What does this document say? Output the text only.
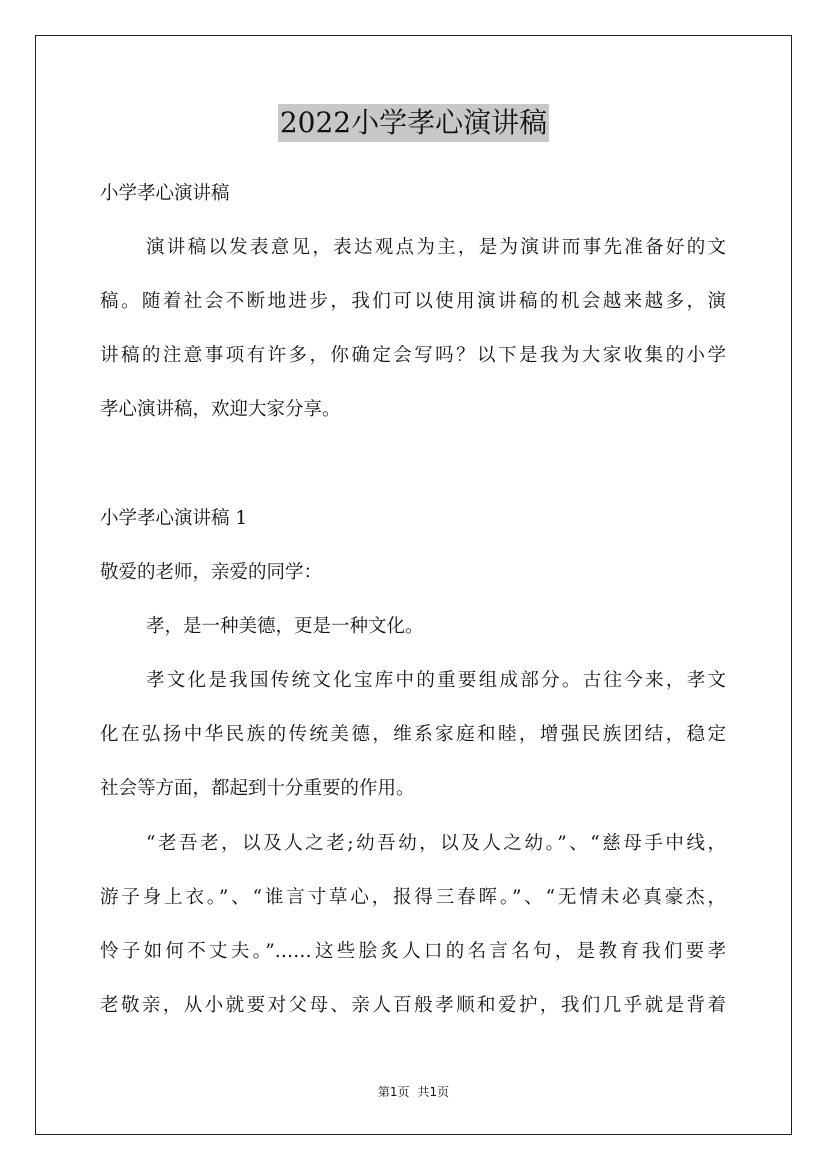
2022小学孝心演讲稿
小学孝心演讲稿
演讲稿以发表意见，表达观点为主，是为演讲而事先准备好的文
稿。随着社会不断地进步，我们可以使用演讲稿的机会越来越多，演
讲稿的注意事项有许多，你确定会写吗？以下是我为大家收集的小学
孝心演讲稿，欢迎大家分享。
小学孝心演讲稿 1
敬爱的老师，亲爱的同学：
孝，是一种美德，更是一种文化。
孝文化是我国传统文化宝库中的重要组成部分。古往今来，孝文
化在弘扬中华民族的传统美德，维系家庭和睦，增强民族团结，稳定
社会等方面，都起到十分重要的作用。
“老吾老，以及人之老;幼吾幼，以及人之幼。”、“慈母手中线，
游子身上衣。”、“谁言寸草心，报得三春晖。”、“无情未必真豪杰，
怜子如何不丈夫。”……这些脍炙人口的名言名句，是教育我们要孝
老敬亲，从小就要对父母、亲人百般孝顺和爱护，我们几乎就是背着
第1页 共1页
